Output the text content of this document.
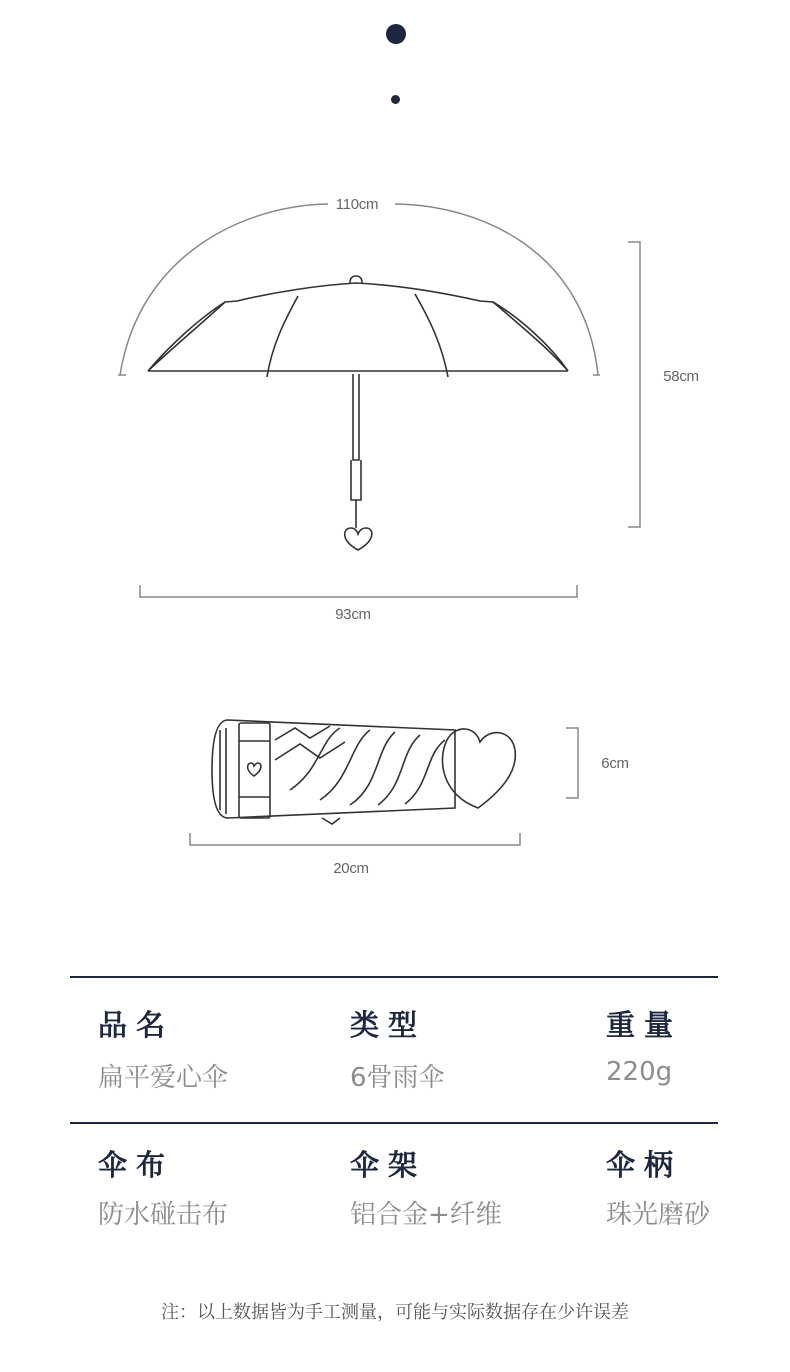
110cm
58cm
93cm
6cm
20cm
品名
扁平爱心伞
类型
6骨雨伞
重量
220g
伞布
防水碰击布
伞架
铝合金+纤维
伞柄
珠光磨砂
注：以上数据皆为手工测量，可能与实际数据存在少许误差
